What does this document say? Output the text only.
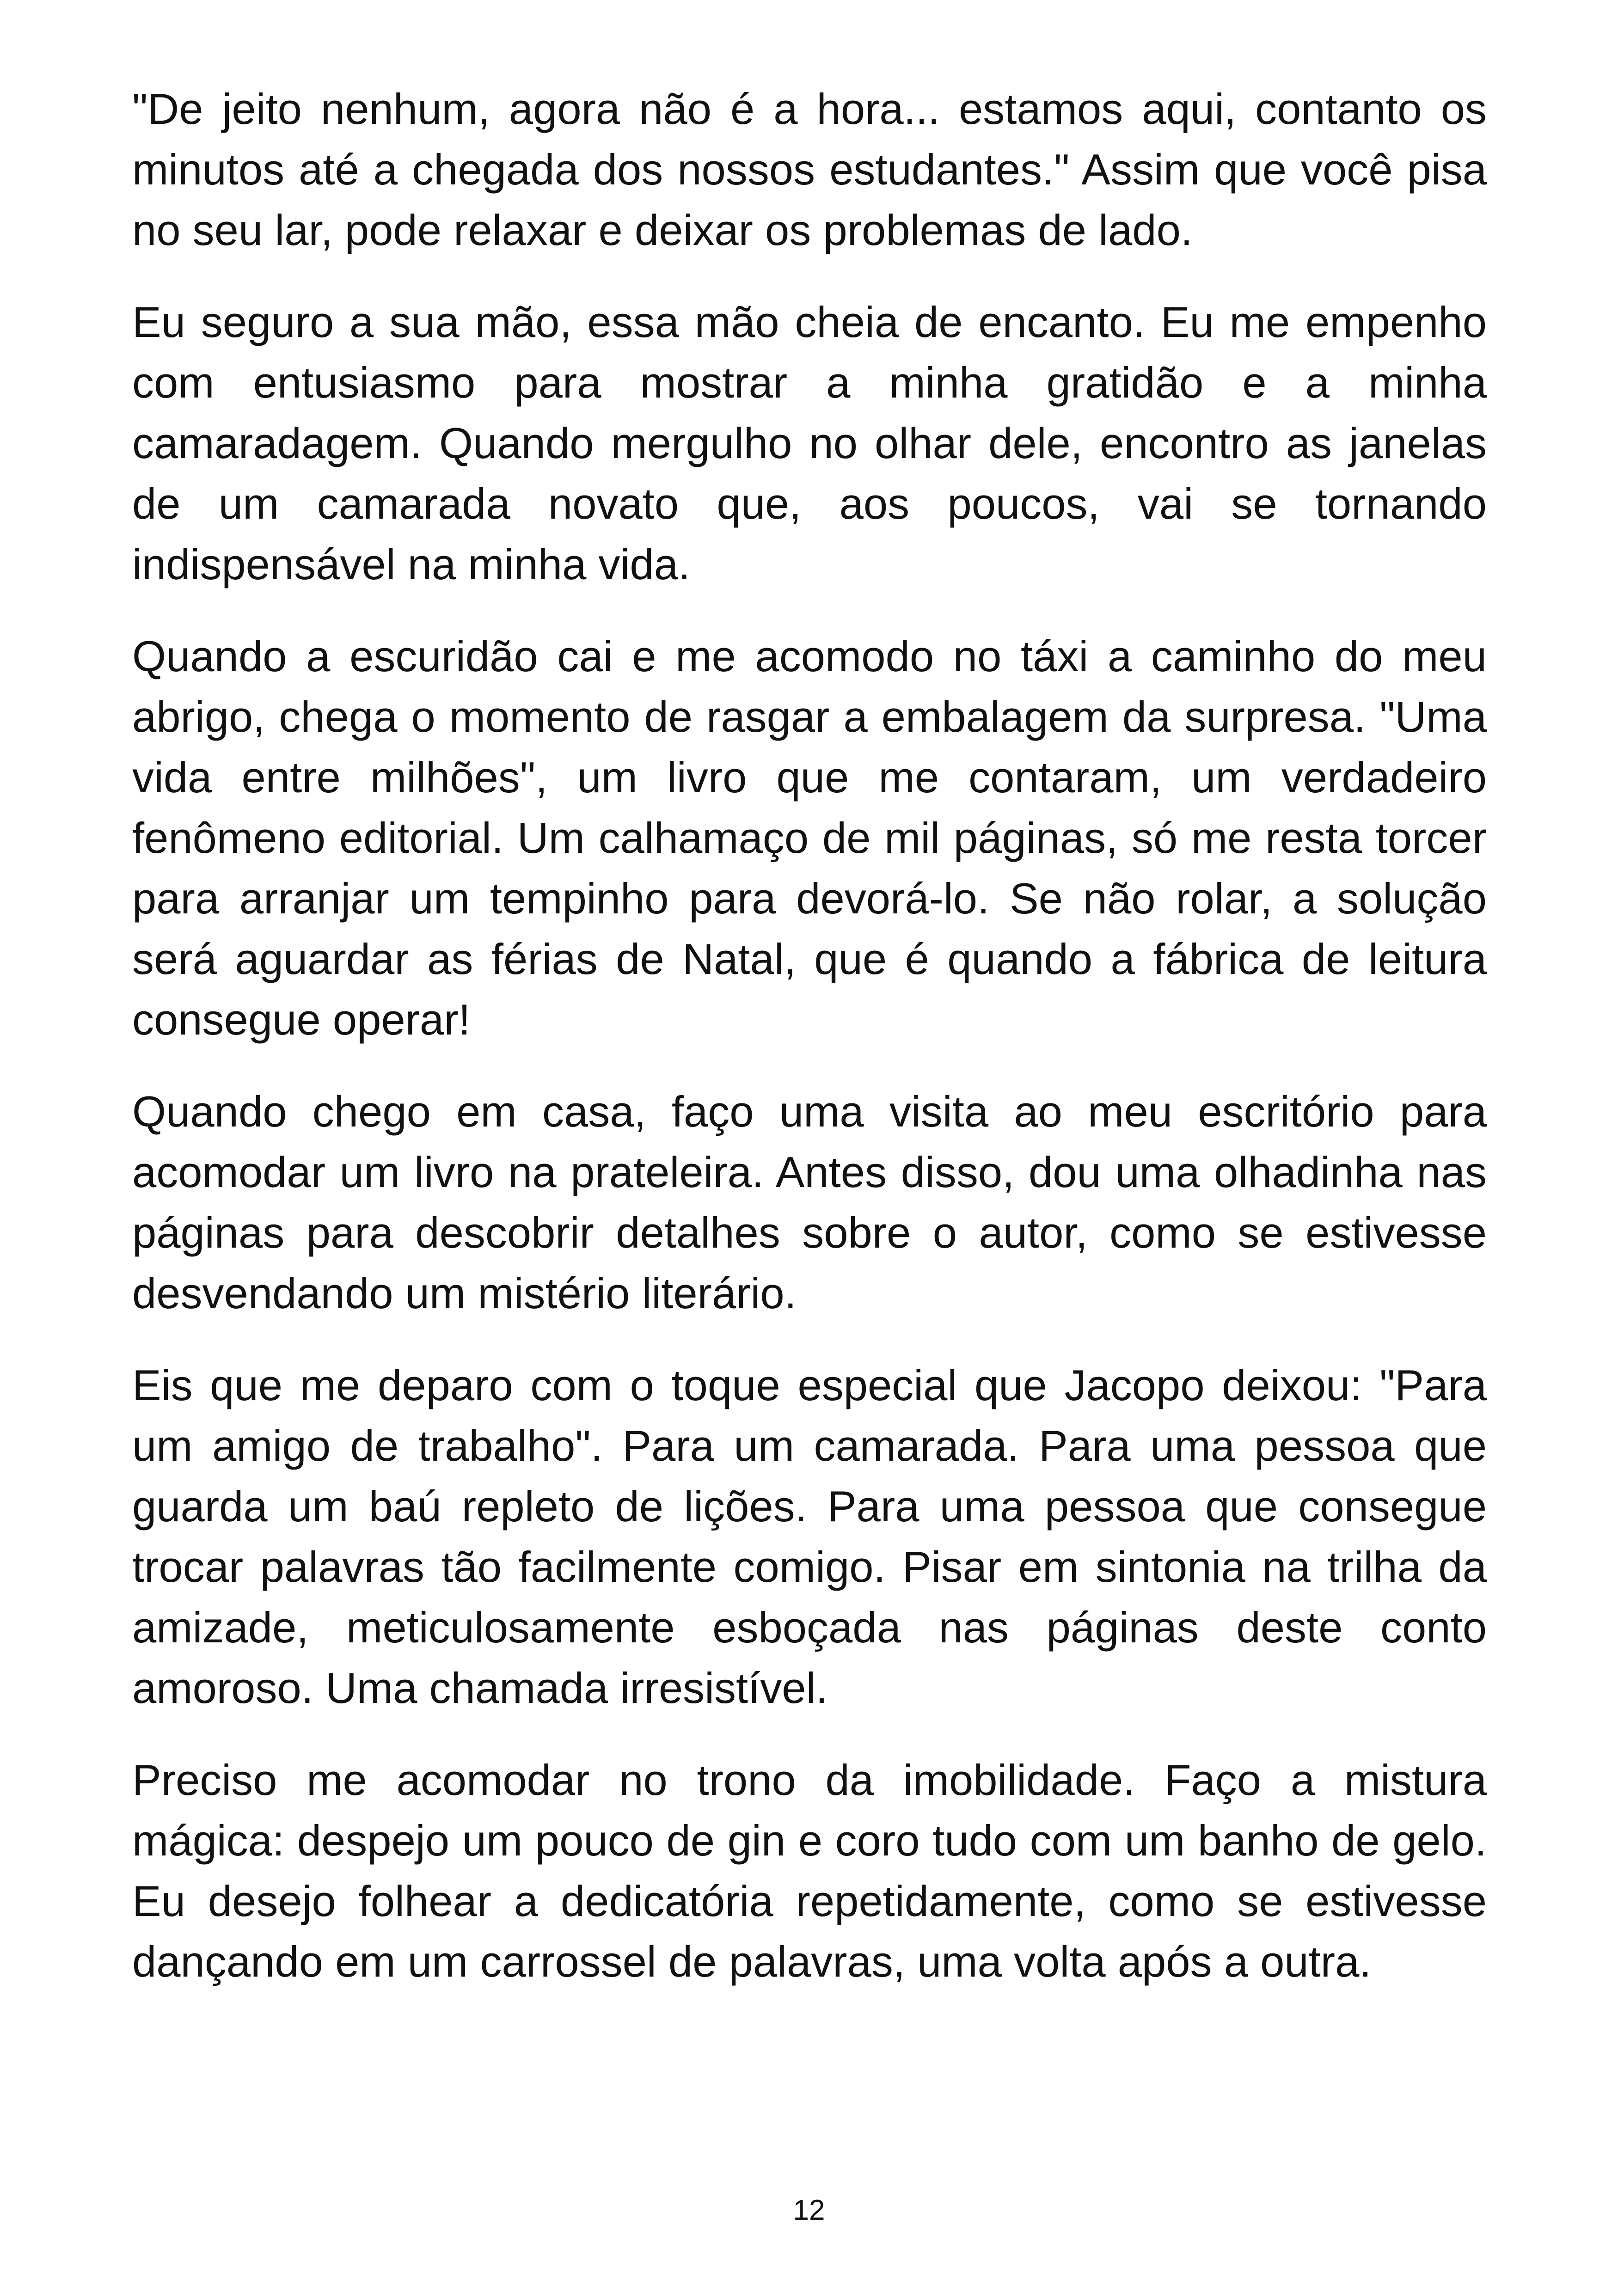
"De jeito nenhum, agora não é a hora... estamos aqui, contanto os minutos até a chegada dos nossos estudantes." Assim que você pisa no seu lar, pode relaxar e deixar os problemas de lado.

Eu seguro a sua mão, essa mão cheia de encanto. Eu me empenho com entusiasmo para mostrar a minha gratidão e a minha camaradagem. Quando mergulho no olhar dele, encontro as janelas de um camarada novato que, aos poucos, vai se tornando indispensável na minha vida.

Quando a escuridão cai e me acomodo no táxi a caminho do meu abrigo, chega o momento de rasgar a embalagem da surpresa. "Uma vida entre milhões", um livro que me contaram, um verdadeiro fenômeno editorial. Um calhamaço de mil páginas, só me resta torcer para arranjar um tempinho para devorá-lo. Se não rolar, a solução será aguardar as férias de Natal, que é quando a fábrica de leitura consegue operar!

Quando chego em casa, faço uma visita ao meu escritório para acomodar um livro na prateleira. Antes disso, dou uma olhadinha nas páginas para descobrir detalhes sobre o autor, como se estivesse desvendando um mistério literário.

Eis que me deparo com o toque especial que Jacopo deixou: "Para um amigo de trabalho". Para um camarada. Para uma pessoa que guarda um baú repleto de lições. Para uma pessoa que consegue trocar palavras tão facilmente comigo. Pisar em sintonia na trilha da amizade, meticulosamente esboçada nas páginas deste conto amoroso. Uma chamada irresistível.

Preciso me acomodar no trono da imobilidade. Faço a mistura mágica: despejo um pouco de gin e coro tudo com um banho de gelo. Eu desejo folhear a dedicatória repetidamente, como se estivesse dançando em um carrossel de palavras, uma volta após a outra.

12
